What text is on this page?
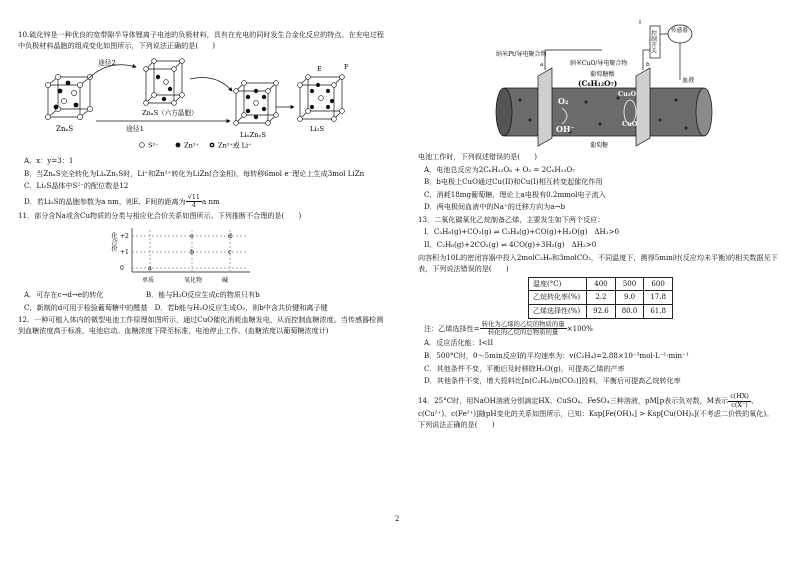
10.硫化锌是一种优良的宽带隙半导体锂离子电池的负极材料，具有在充电的同时发生合金化反应的特点。在充电过程中负极材料晶胞的组成变化如图所示，下列说法正确的是(　　)

ZnₓS
ZnₓS（六方晶胞）
途径2
途径1
LiₓZnᵧS
E	F
Li₂S
S²⁻	Zn²⁺	Zn²⁺或 Li⁺

A．x：y=3：1

B．当ZnₓS完全转化为LiₓZnᵧS时，Li⁺和Zn²⁺转化为LiZn(合金相)，每转移6mol e⁻理论上生成3mol LiZn

C．Li₂S晶体中S²⁻的配位数是12

D．若Li₂S的晶胞参数为a nm，则E、F间的距离为 $\frac{√11}{4}$ a nm

11．部分含Na或含Cu物质的分类与相应化合价关系如图所示。下列推断不合理的是(　　)

化合价 +2
+1
0
单质	氧化物	碱
a
b	c
d
e

A．可存在c→d→e的转化　　　　　　	B．能与H₂O反应生成c的物质只有b

C．新制的d可用于检验葡萄糖中的醛基　 D．若b能与H₂O反应生成O₂，则b中含共价键和离子键

12．一种可植入体内的微型电池工作原理如图所示，通过CuO催化消耗血糖发电，从而控制血糖浓度。当传感器检测到血糖浓度高于标准，电池启动。血糖浓度下降至标准，电池停止工作。(血糖浓度以葡萄糖浓度计)

控制开关	传感器
纳米Pt/导电聚合物
a	纳米CuO/导电聚合物	b
葡萄糖酸
(C₆H₁₂O₇)
O₂
OH⁻
Cu₂O
CuO
血液
葡萄糖

电池工作时，下列叙述错误的是(　　)

A．电池总反应为2C₆H₁₂O₆ + O₂ = 2C₆H₁₂O₇

B．b电极上CuO通过Cu(II)和Cu(I)相互转变起催化作用

C．消耗18mg葡萄糖，理论上a电极有0.2mmol电子流入

D．两电极间血液中的Na⁺的迁移方向为a→b

13．二氧化碳氧化乙烷制备乙烯，主要发生如下两个反应：

I．C₂H₆(g)+CO₂(g) ⇌ C₂H₄(g)+CO(g)+H₂O(g)　ΔH₁>0

II．C₂H₆(g)+2CO₂(g) ⇌ 4CO(g)+3H₂(g)　ΔH₂>0

向容积为10L的密闭容器中投入2molC₂H₆和3molCO₂，不同温度下，测得5min时(反应均未平衡)的相关数据见下表，下列说法错误的是(　　)

温度(°C)	400	500	600
乙烷转化率(%)	2.2	9.0	17.8
乙烯选择性(%)	92.6	80.0	61.8

注：乙烯选择性= $\frac{\text{转化为乙烯的乙烷的物质的量}}{\text{转化的乙烷的总物质的量}} \times 100\%$

A．反应活化能：I<II

B．500°C时，0～5min反应I的平均速率为：v(C₂H₄)=2.88×10⁻³mol·L⁻¹·min⁻¹

C．其他条件不变，平衡后及时移除H₂O(g)，可提高乙烯的产率

D．其他条件不变，增大投料比[n(C₂H₆)/n(CO₂)]投料，平衡后可提高乙烷转化率

14．25°C时，用NaOH溶液分别滴定HX、CuSO₄、FeSO₄三种溶液，pM[p表示负对数，M表示 $\frac{c(HX)}{c(X^-)}$ 、c(Cu²⁺)、c(Fe²⁺)]随pH变化的关系如图所示，已知：Ksp[Fe(OH)₂] > Ksp[Cu(OH)₂](不考虑二价铁的氧化)。下列说法正确的是(　　)

2
